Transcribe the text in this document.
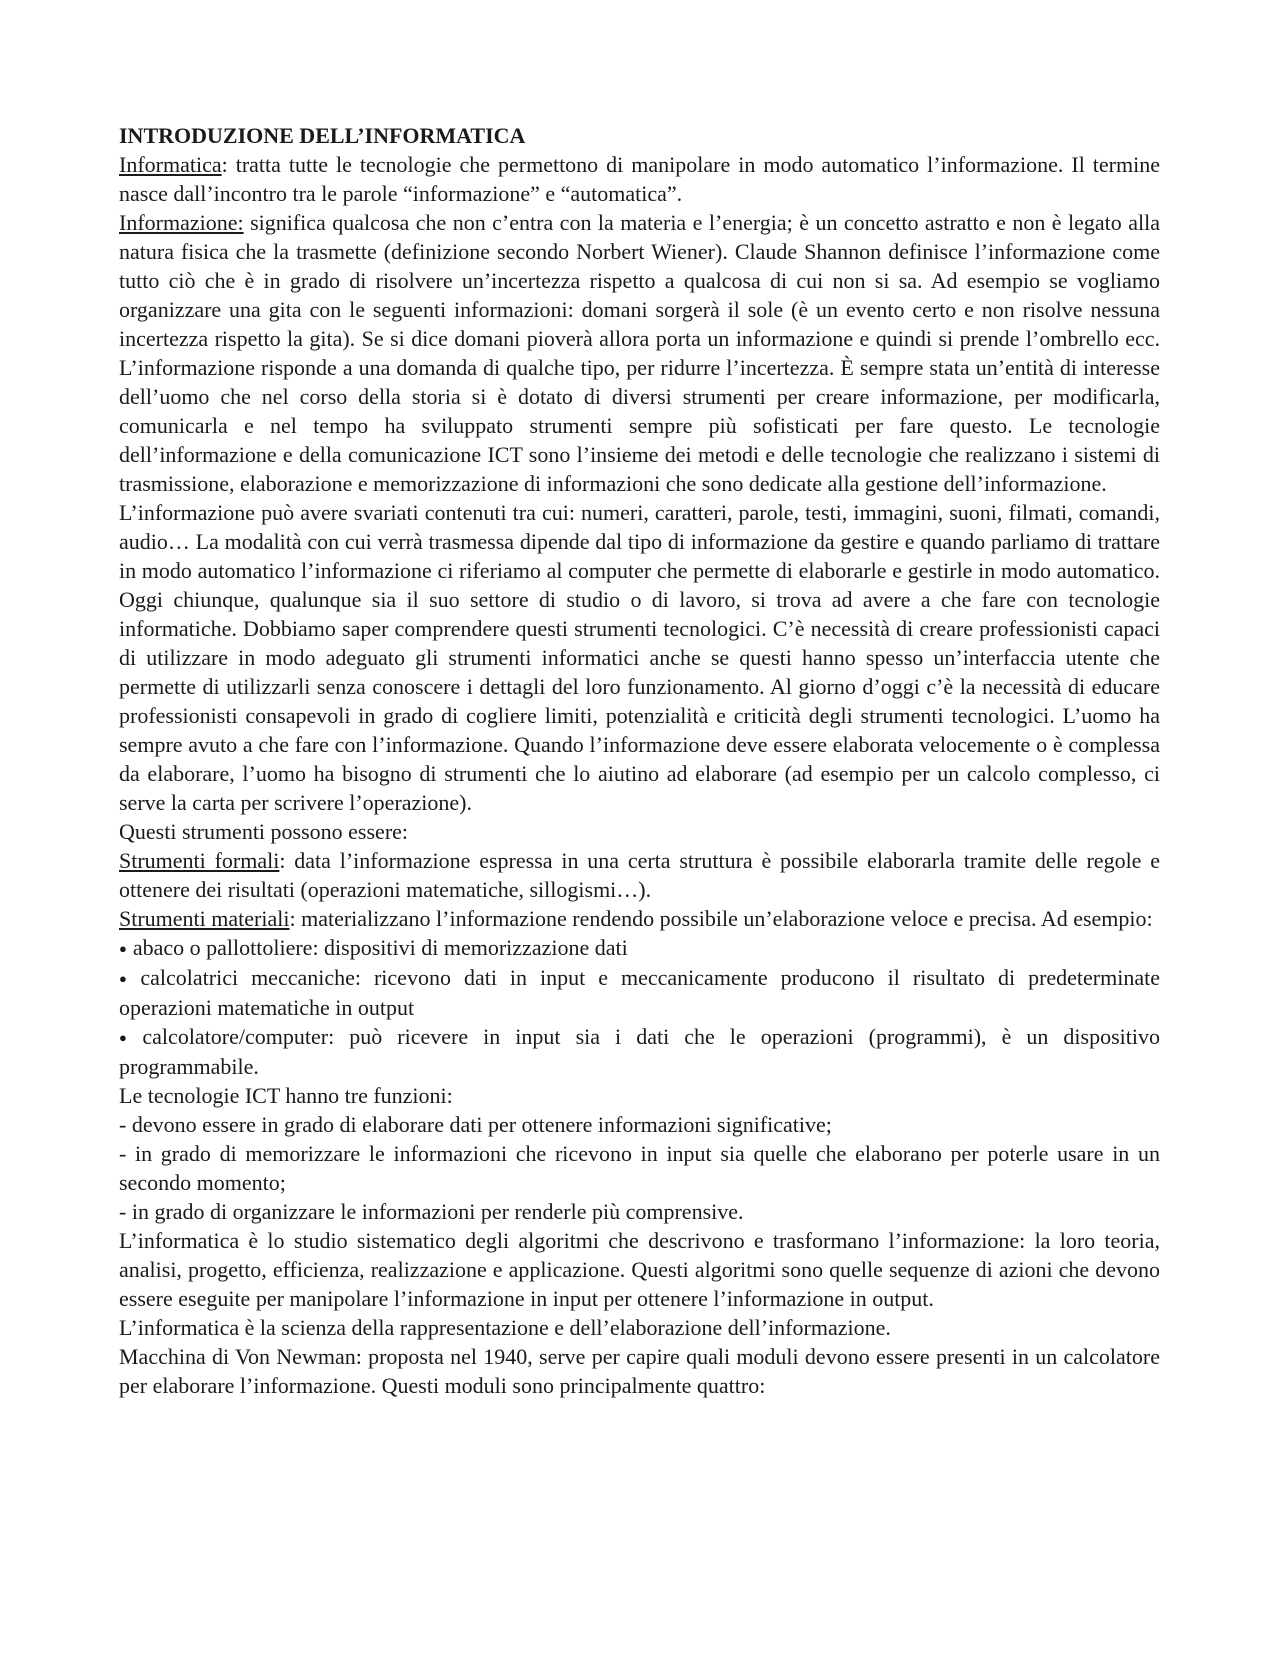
INTRODUZIONE DELL’INFORMATICA

Informatica: tratta tutte le tecnologie che permettono di manipolare in modo automatico l’informazione. Il termine nasce dall’incontro tra le parole “informazione” e “automatica”.

Informazione: significa qualcosa che non c’entra con la materia e l’energia; è un concetto astratto e non è legato alla natura fisica che la trasmette (definizione secondo Norbert Wiener). Claude Shannon definisce l’informazione come tutto ciò che è in grado di risolvere un’incertezza rispetto a qualcosa di cui non si sa. Ad esempio se vogliamo organizzare una gita con le seguenti informazioni: domani sorgerà il sole (è un evento certo e non risolve nessuna incertezza rispetto la gita). Se si dice domani pioverà allora porta un informazione e quindi si prende l’ombrello ecc. L’informazione risponde a una domanda di qualche tipo, per ridurre l’incertezza. È sempre stata un’entità di interesse dell’uomo che nel corso della storia si è dotato di diversi strumenti per creare informazione, per modificarla, comunicarla e nel tempo ha sviluppato strumenti sempre più sofisticati per fare questo. Le tecnologie dell’informazione e della comunicazione ICT sono l’insieme dei metodi e delle tecnologie che realizzano i sistemi di trasmissione, elaborazione e memorizzazione di informazioni che sono dedicate alla gestione dell’informazione.

L’informazione può avere svariati contenuti tra cui: numeri, caratteri, parole, testi, immagini, suoni, filmati, comandi, audio… La modalità con cui verrà trasmessa dipende dal tipo di informazione da gestire e quando parliamo di trattare in modo automatico l’informazione ci riferiamo al computer che permette di elaborarle e gestirle in modo automatico. Oggi chiunque, qualunque sia il suo settore di studio o di lavoro, si trova ad avere a che fare con tecnologie informatiche. Dobbiamo saper comprendere questi strumenti tecnologici. C’è necessità di creare professionisti capaci di utilizzare in modo adeguato gli strumenti informatici anche se questi hanno spesso un’interfaccia utente che permette di utilizzarli senza conoscere i dettagli del loro funzionamento. Al giorno d’oggi c’è la necessità di educare professionisti consapevoli in grado di cogliere limiti, potenzialità e criticità degli strumenti tecnologici. L’uomo ha sempre avuto a che fare con l’informazione. Quando l’informazione deve essere elaborata velocemente o è complessa da elaborare, l’uomo ha bisogno di strumenti che lo aiutino ad elaborare (ad esempio per un calcolo complesso, ci serve la carta per scrivere l’operazione).

Questi strumenti possono essere:

Strumenti formali: data l’informazione espressa in una certa struttura è possibile elaborarla tramite delle regole e ottenere dei risultati (operazioni matematiche, sillogismi…).

Strumenti materiali: materializzano l’informazione rendendo possibile un’elaborazione veloce e precisa. Ad esempio:

● abaco o pallottoliere: dispositivi di memorizzazione dati

● calcolatrici meccaniche: ricevono dati in input e meccanicamente producono il risultato di predeterminate operazioni matematiche in output

● calcolatore/computer: può ricevere in input sia i dati che le operazioni (programmi), è un dispositivo programmabile.

Le tecnologie ICT hanno tre funzioni:

- devono essere in grado di elaborare dati per ottenere informazioni significative;

- in grado di memorizzare le informazioni che ricevono in input sia quelle che elaborano per poterle usare in un secondo momento;

- in grado di organizzare le informazioni per renderle più comprensive.

L’informatica è lo studio sistematico degli algoritmi che descrivono e trasformano l’informazione: la loro teoria, analisi, progetto, efficienza, realizzazione e applicazione. Questi algoritmi sono quelle sequenze di azioni che devono essere eseguite per manipolare l’informazione in input per ottenere l’informazione in output.

L’informatica è la scienza della rappresentazione e dell’elaborazione dell’informazione.

Macchina di Von Newman: proposta nel 1940, serve per capire quali moduli devono essere presenti in un calcolatore per elaborare l’informazione. Questi moduli sono principalmente quattro:
